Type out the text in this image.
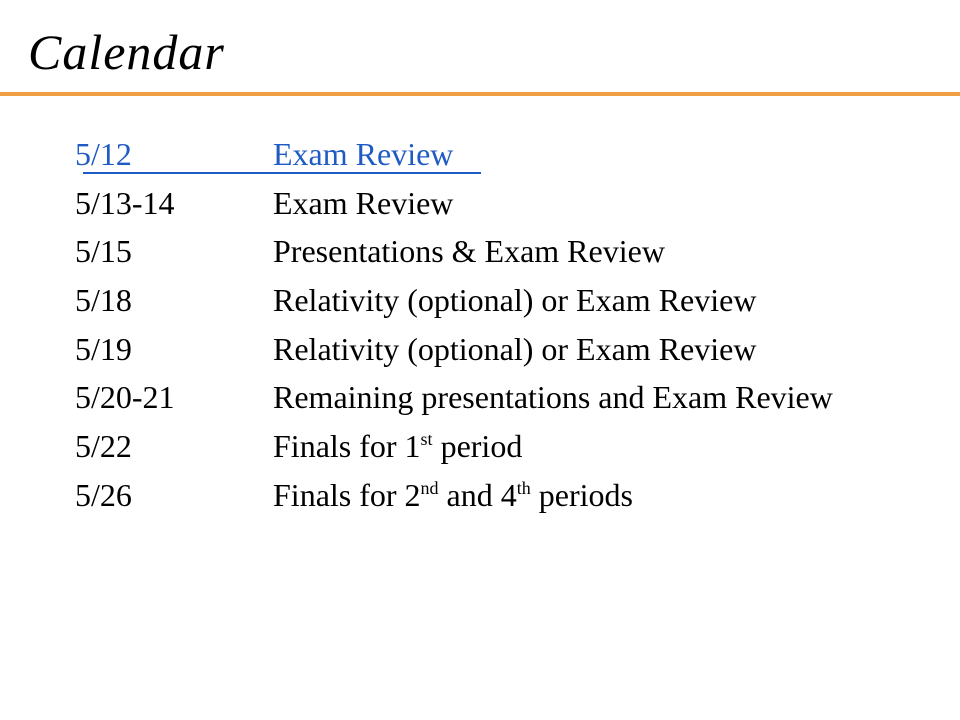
Calendar
5/12	Exam Review
5/13-14	Exam Review
5/15	Presentations & Exam Review
5/18	Relativity (optional) or Exam Review
5/19	Relativity (optional) or Exam Review
5/20-21	Remaining presentations and Exam Review
5/22	Finals for 1st period
5/26	Finals for 2nd and 4th periods
